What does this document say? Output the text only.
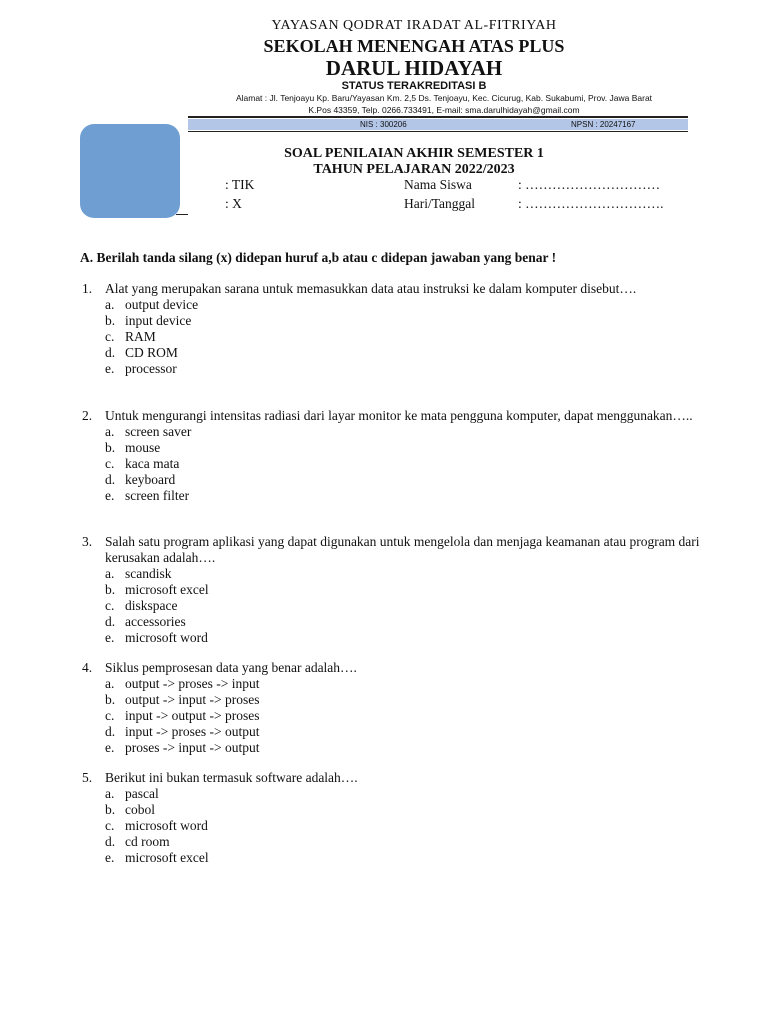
YAYASAN QODRAT IRADAT AL-FITRIYAH
SEKOLAH MENENGAH ATAS PLUS
DARUL HIDAYAH
STATUS TERAKREDITASI B
Alamat : Jl. Tenjoayu Kp. Baru/Yayasan Km. 2,5 Ds. Tenjoayu, Kec. Cicurug, Kab. Sukabumi, Prov. Jawa Barat
K.Pos 43359, Telp. 0266.733491, E-mail: sma.darulhidayah@gmail.com
NIS : 300206	NPSN : 20247167
SOAL PENILAIAN AKHIR SEMESTER 1
TAHUN PELAJARAN 2022/2023
: TIK	Nama Siswa	: …………………………
: X	Hari/Tanggal	: ………………………….
A. Berilah tanda silang (x) didepan huruf a,b atau c didepan jawaban yang benar !
1. Alat yang merupakan sarana untuk memasukkan data atau instruksi ke dalam komputer disebut….
a. output device
b. input device
c. RAM
d. CD ROM
e. processor
2. Untuk mengurangi intensitas radiasi dari layar monitor ke mata pengguna komputer, dapat menggunakan…..
a. screen saver
b. mouse
c. kaca mata
d. keyboard
e. screen filter
3. Salah satu program aplikasi yang dapat digunakan untuk mengelola dan menjaga keamanan atau program dari kerusakan adalah….
a. scandisk
b. microsoft excel
c. diskspace
d. accessories
e. microsoft word
4. Siklus pemprosesan data yang benar adalah….
a. output -> proses -> input
b. output -> input -> proses
c. input -> output -> proses
d. input -> proses -> output
e. proses -> input -> output
5. Berikut ini bukan termasuk software adalah….
a. pascal
b. cobol
c. microsoft word
d. cd room
e. microsoft excel
